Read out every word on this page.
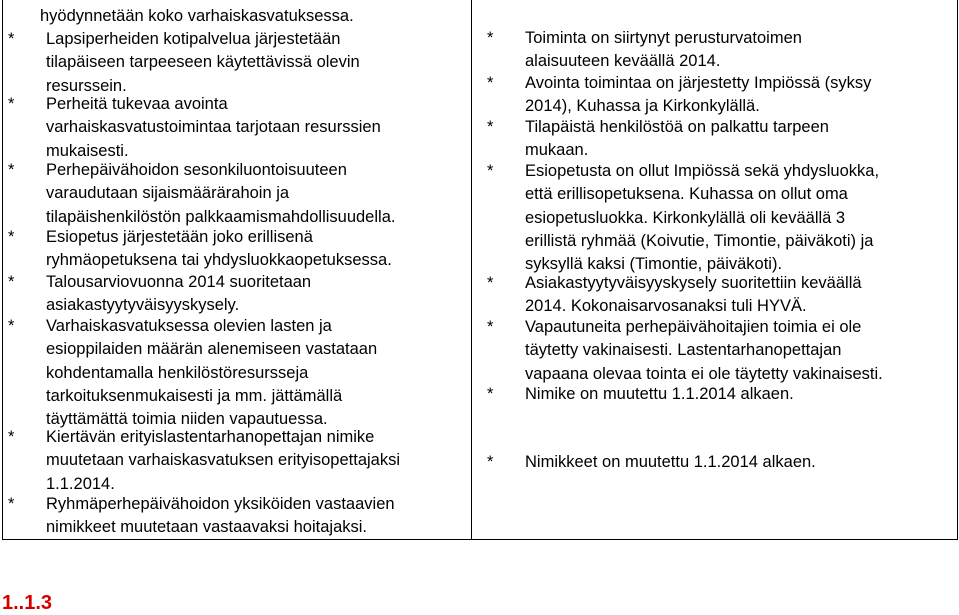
hyödynnetään koko varhaiskasvatuksessa.
* Lapsiperheiden kotipalvelua järjestetään
tilapäiseen tarpeeseen käytettävissä olevin
resurssein.
* Perheitä tukevaa avointa
varhaiskasvatustoimintaa tarjotaan resurssien
mukaisesti.
* Perhepäivähoidon sesonkiluontoisuuteen
varaudutaan sijaismäärärahoin ja
tilapäishenkilöstön palkkaamismahdollisuudella.
* Esiopetus järjestetään joko erillisenä
ryhmäopetuksena tai yhdysluokkaopetuksessa.
* Talousarviovuonna 2014 suoritetaan
asiakastyytyväisyyskysely.
* Varhaiskasvatuksessa olevien lasten ja
esioppilaiden määrän alenemiseen vastataan
kohdentamalla henkilöstöresursseja
tarkoituksenmukaisesti ja mm. jättämällä
täyttämättä toimia niiden vapautuessa.
* Kiertävän erityislastentarhanopettajan nimike
muutetaan varhaiskasvatuksen erityisopettajaksi
1.1.2014.
* Ryhmäperhepäivähoidon yksiköiden vastaavien
nimikkeet muutetaan vastaavaksi hoitajaksi.
* Toiminta on siirtynyt perusturvatoimen
alaisuuteen keväällä 2014.
* Avointa toimintaa on järjestetty Impiössä (syksy
2014), Kuhassa ja Kirkonkylällä.
* Tilapäistä henkilöstöä on palkattu tarpeen
mukaan.
* Esiopetusta on ollut Impiössä sekä yhdysluokka,
että erillisopetuksena. Kuhassa on ollut oma
esiopetusluokka. Kirkonkylällä oli keväällä 3
erillistä ryhmää (Koivutie, Timontie, päiväkoti) ja
syksyllä kaksi (Timontie, päiväkoti).
* Asiakastyytyväisyyskysely suoritettiin keväällä
2014. Kokonaisarvosanaksi tuli HYVÄ.
* Vapautuneita perhepäivähoitajien toimia ei ole
täytetty vakinaisesti. Lastentarhanopettajan
vapaana olevaa tointa ei ole täytetty vakinaisesti.
* Nimike on muutettu 1.1.2014 alkaen.
* Nimikkeet on muutettu 1.1.2014 alkaen.
1..1.3
